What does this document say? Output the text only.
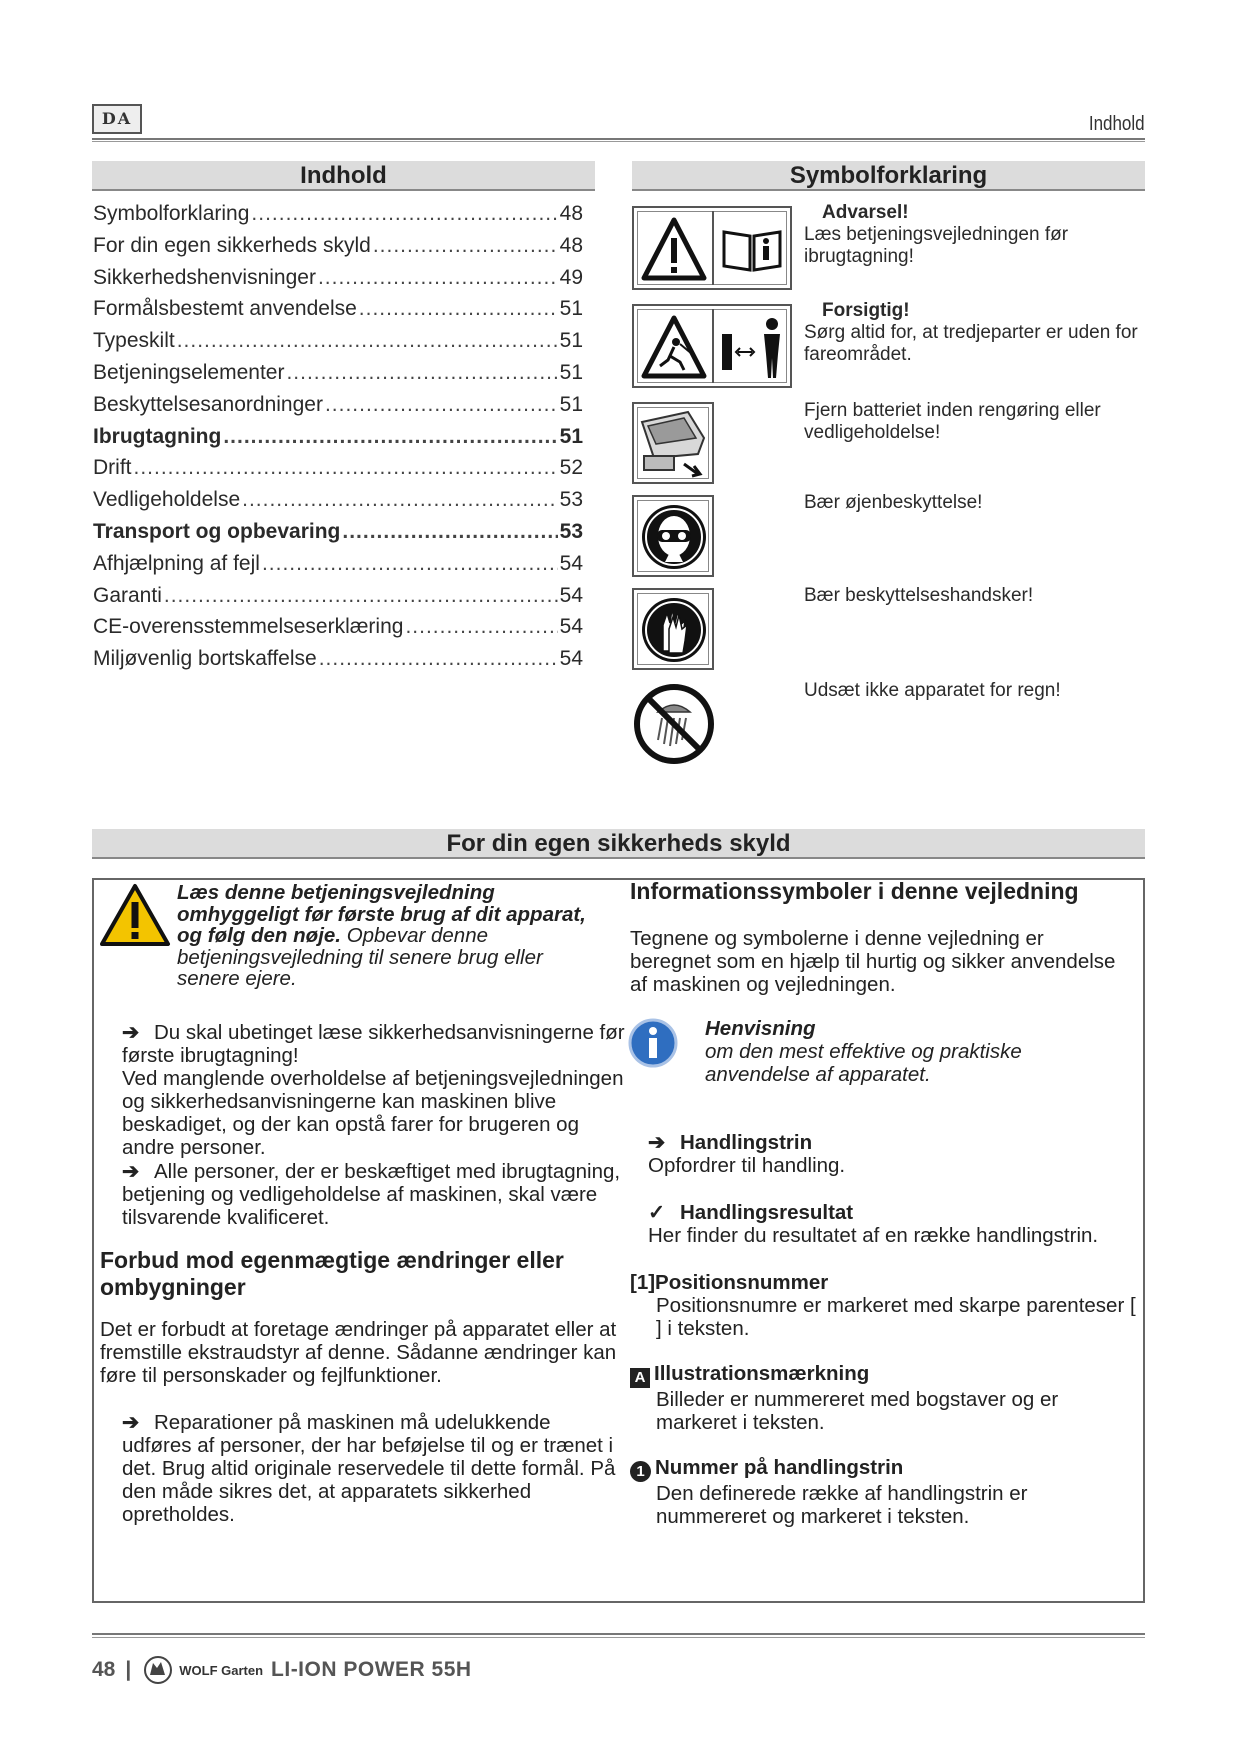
DA	Indhold
Indhold
Symbolforklaring .....	48
For din egen sikkerheds skyld .....	48
Sikkerhedshenvisninger .....	49
Formålsbestemt anvendelse .....	51
Typeskilt .....	51
Betjeningselementer .....	51
Beskyttelsesanordninger .....	51
Ibrugtagning .....	51
Drift .....	52
Vedligeholdelse .....	53
Transport og opbevaring .....	53
Afhjælpning af fejl .....	54
Garanti .....	54
CE-overensstemmelseserklæring .....	54
Miljøvenlig bortskaffelse .....	54
Symbolforklaring
Advarsel!
Læs betjeningsvejledningen før ibrugtagning!
Forsigtig!
Sørg altid for, at tredjeparter er uden for fareområdet.
Fjern batteriet inden rengøring eller vedligeholdelse!
Bær øjenbeskyttelse!
Bær beskyttelseshandsker!
Udsæt ikke apparatet for regn!
For din egen sikkerheds skyld
Læs denne betjeningsvejledning omhyggeligt før første brug af dit apparat, og følg den nøje. Opbevar denne betjeningsvejledning til senere brug eller senere ejere.
➔ Du skal ubetinget læse sikkerhedsanvisningerne før første ibrugtagning!
Ved manglende overholdelse af betjeningsvejledningen og sikkerhedsanvisningerne kan maskinen blive beskadiget, og der kan opstå farer for brugeren og andre personer.
➔ Alle personer, der er beskæftiget med ibrugtagning, betjening og vedligeholdelse af maskinen, skal være tilsvarende kvalificeret.
Forbud mod egenmægtige ændringer eller ombygninger
Det er forbudt at foretage ændringer på apparatet eller at fremstille ekstraudstyr af denne. Sådanne ændringer kan føre til personskader og fejlfunktioner.
➔ Reparationer på maskinen må udelukkende udføres af personer, der har beføjelse til og er trænet i det. Brug altid originale reservedele til dette formål. På den måde sikres det, at apparatets sikkerhed opretholdes.
Informationssymboler i denne vejledning
Tegnene og symbolerne i denne vejledning er beregnet som en hjælp til hurtig og sikker anvendelse af maskinen og vejledningen.
Henvisning
om den mest effektive og praktiske anvendelse af apparatet.
➔ Handlingstrin
Opfordrer til handling.
✓ Handlingsresultat
Her finder du resultatet af en række handlingstrin.
[1]Positionsnummer
Positionsnumre er markeret med skarpe parenteser [ ] i teksten.
A Illustrationsmærkning
Billeder er nummereret med bogstaver og er markeret i teksten.
1 Nummer på handlingstrin
Den definerede række af handlingstrin er nummereret og markeret i teksten.
48 |	WOLF Garten LI-ION POWER 55H
